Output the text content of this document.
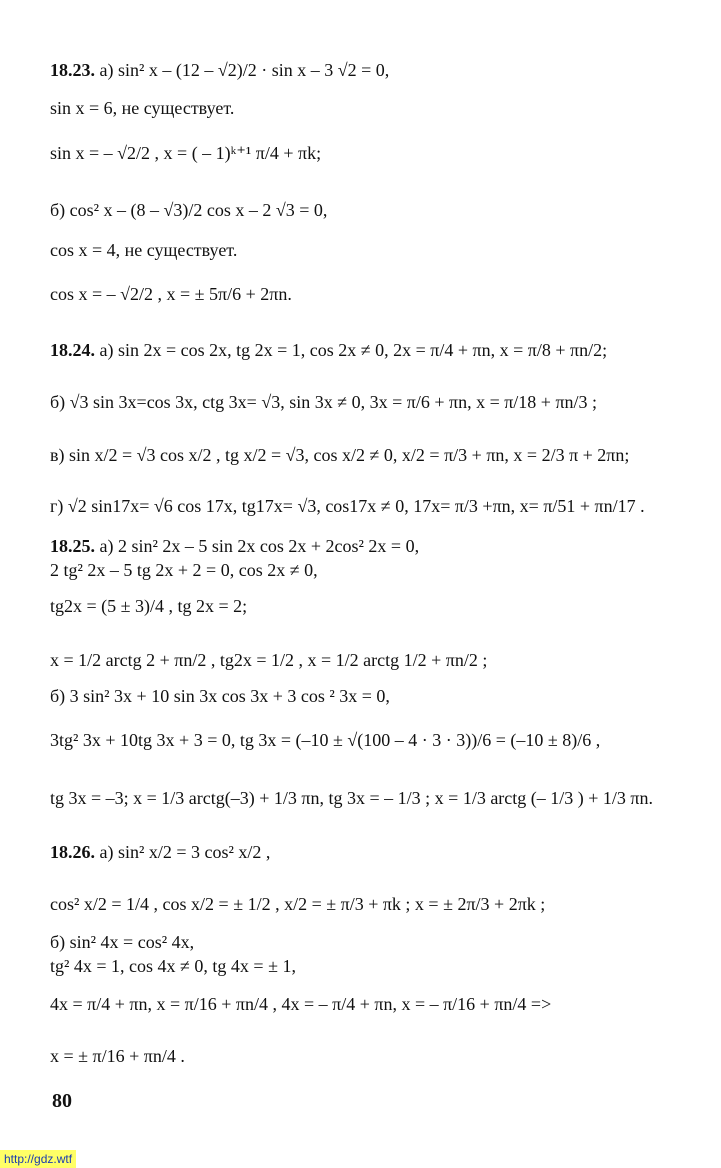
18.23. а) sin² x – (12 – √2)/2 · sin x – 3 √2 = 0,
sin x = 6, не существует.
sin x = – √2/2 , x = ( – 1)ᵏ⁺¹ π/4 + πk;
б) cos² x – (8 – √3)/2 cos x – 2 √3 = 0,
cos x = 4, не существует.
cos x = – √2/2 , x = ± 5π/6 + 2πn.
18.24. а) sin 2x = cos 2x, tg 2x = 1, cos 2x ≠ 0, 2x = π/4 + πn, x = π/8 + πn/2;
б) √3 sin 3x=cos 3x, ctg 3x= √3, sin 3x ≠ 0, 3x = π/6 + πn, x = π/18 + πn/3 ;
в) sin x/2 = √3 cos x/2 , tg x/2 = √3, cos x/2 ≠ 0, x/2 = π/3 + πn, x = 2/3 π + 2πn;
г) √2 sin17x= √6 cos 17x, tg17x= √3, cos17x ≠ 0, 17x= π/3 +πn, x= π/51 + πn/17 .
18.25. а) 2 sin² 2x – 5 sin 2x cos 2x + 2cos² 2x = 0,
2 tg² 2x – 5 tg 2x + 2 = 0, cos 2x ≠ 0,
tg2x = (5 ± 3)/4 , tg 2x = 2;
x = 1/2 arctg 2 + πn/2 , tg2x = 1/2 , x = 1/2 arctg 1/2 + πn/2 ;
б) 3 sin² 3x + 10 sin 3x cos 3x + 3 cos ² 3x = 0,
3tg² 3x + 10tg 3x + 3 = 0, tg 3x = (–10 ± √(100 – 4 · 3 · 3))/6 = (–10 ± 8)/6 ,
tg 3x = –3; x = 1/3 arctg(–3) + 1/3 πn, tg 3x = – 1/3 ; x = 1/3 arctg (– 1/3 ) + 1/3 πn.
18.26. а) sin² x/2 = 3 cos² x/2 ,
cos² x/2 = 1/4 , cos x/2 = ± 1/2 , x/2 = ± π/3 + πk ; x = ± 2π/3 + 2πk ;
б) sin² 4x = cos² 4x,
tg² 4x = 1, cos 4x ≠ 0, tg 4x = ± 1,
4x = π/4 + πn, x = π/16 + πn/4 , 4x = – π/4 + πn, x = – π/16 + πn/4 =>
x = ± π/16 + πn/4 .
80
http://gdz.wtf
